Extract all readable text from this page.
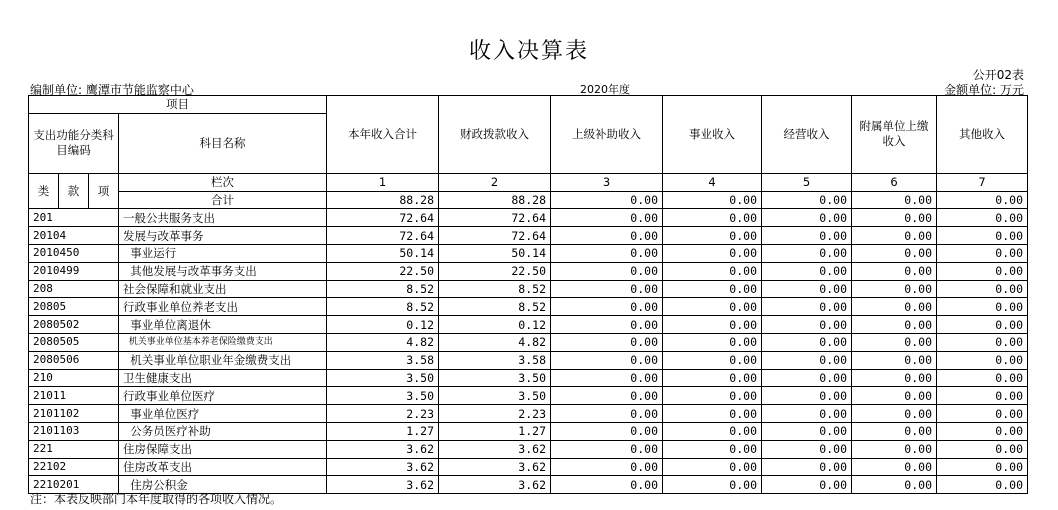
收入决算表
公开02表
编制单位: 鹰潭市节能监察中心	2020年度	金额单位: 万元
项目				本年收入合计	财政拨款收入	上级补助收入	事业收入	经营收入	附属单位上缴收入	其他收入
支出功能分类科目编码			科目名称							
类	款	项	栏次	1	2	3	4	5	6	7
			合计	88.28	88.28	0.00	0.00	0.00	0.00	0.00
201			一般公共服务支出	72.64	72.64	0.00	0.00	0.00	0.00	0.00
20104			发展与改革事务	72.64	72.64	0.00	0.00	0.00	0.00	0.00
2010450			事业运行	50.14	50.14	0.00	0.00	0.00	0.00	0.00
2010499			其他发展与改革事务支出	22.50	22.50	0.00	0.00	0.00	0.00	0.00
208			社会保障和就业支出	8.52	8.52	0.00	0.00	0.00	0.00	0.00
20805			行政事业单位养老支出	8.52	8.52	0.00	0.00	0.00	0.00	0.00
2080502			事业单位离退休	0.12	0.12	0.00	0.00	0.00	0.00	0.00
2080505			机关事业单位基本养老保险缴费支出	4.82	4.82	0.00	0.00	0.00	0.00	0.00
2080506			机关事业单位职业年金缴费支出	3.58	3.58	0.00	0.00	0.00	0.00	0.00
210			卫生健康支出	3.50	3.50	0.00	0.00	0.00	0.00	0.00
21011			行政事业单位医疗	3.50	3.50	0.00	0.00	0.00	0.00	0.00
2101102			事业单位医疗	2.23	2.23	0.00	0.00	0.00	0.00	0.00
2101103			公务员医疗补助	1.27	1.27	0.00	0.00	0.00	0.00	0.00
221			住房保障支出	3.62	3.62	0.00	0.00	0.00	0.00	0.00
22102			住房改革支出	3.62	3.62	0.00	0.00	0.00	0.00	0.00
2210201			住房公积金	3.62	3.62	0.00	0.00	0.00	0.00	0.00
注：本表反映部门本年度取得的各项收入情况。
